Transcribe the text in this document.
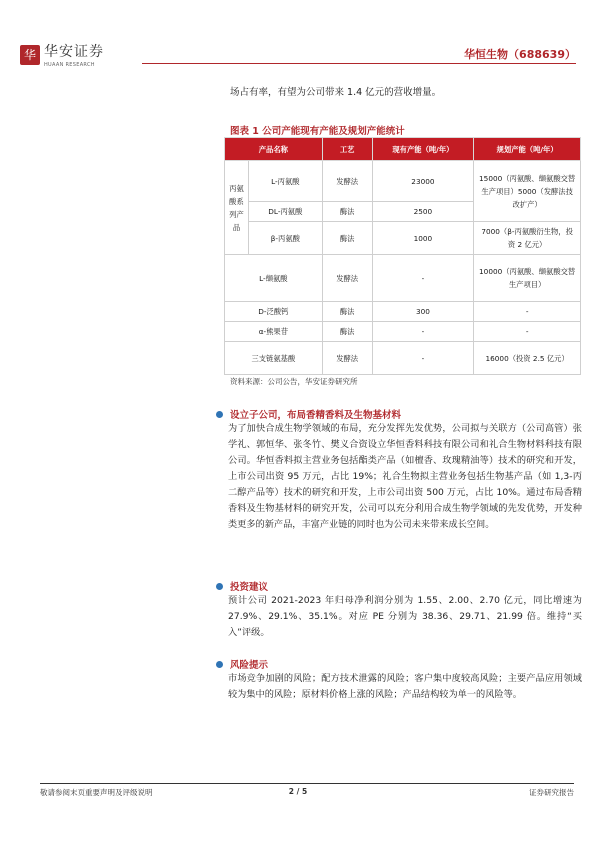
华 华安证券
HUAAN RESEARCH
华恒生物（688639）
场占有率，有望为公司带来 1.4 亿元的营收增量。
图表 1 公司产能现有产能及规划产能统计
产品名称		工艺	现有产能（吨/年）	规划产能（吨/年）
丙氨酸系列产品	L-丙氨酸	发酵法	23000	15000（丙氨酸、缬氨酸交替生产项目）5000（发酵法技改扩产）
	DL-丙氨酸	酶法	2500	
	β-丙氨酸	酶法	1000	7000（β-丙氨酸衍生物，投资 2 亿元）
L-缬氨酸		发酵法	-	10000（丙氨酸、缬氨酸交替生产项目）
D-泛酸钙		酶法	300	-
α-熊果苷		酶法	-	-
三支链氨基酸		发酵法	-	16000（投资 2.5 亿元）
资料来源：公司公告，华安证券研究所
设立子公司，布局香精香料及生物基材料
为了加快合成生物学领域的布局，充分发挥先发优势，公司拟与关联方（公司高管）张学礼、郭恒华、张冬竹、樊义合资设立华恒香料科技有限公司和礼合生物材料科技有限公司。华恒香料拟主营业务包括酯类产品（如檀香、玫瑰精油等）技术的研究和开发，上市公司出资 95 万元，占比 19%；礼合生物拟主营业务包括生物基产品（如 1,3-丙二醇产品等）技术的研究和开发，上市公司出资 500 万元，占比 10%。通过布局香精香料及生物基材料的研究开发，公司可以充分利用合成生物学领域的先发优势，开发种类更多的新产品，丰富产业链的同时也为公司未来带来成长空间。
投资建议
预计公司 2021-2023 年归母净利润分别为 1.55、2.00、2.70 亿元，同比增速为 27.9%、29.1%、35.1%。对应 PE 分别为 38.36、29.71、21.99 倍。维持“买入”评级。
风险提示
市场竞争加剧的风险；配方技术泄露的风险；客户集中度较高风险；主要产品应用领域较为集中的风险；原材料价格上涨的风险；产品结构较为单一的风险等。
敬请参阅末页重要声明及评级说明	2 / 5	证券研究报告
